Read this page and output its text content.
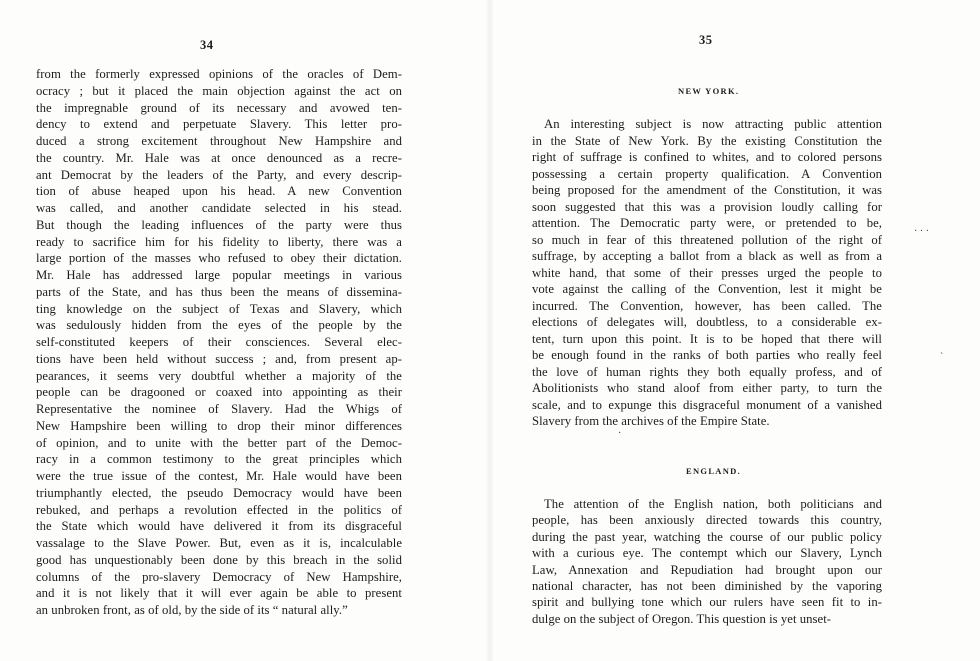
34
from the formerly expressed opinions of the oracles of Dem-
ocracy ; but it placed the main objection against the act on
the impregnable ground of its necessary and avowed ten-
dency to extend and perpetuate Slavery. This letter pro-
duced a strong excitement throughout New Hampshire and
the country. Mr. Hale was at once denounced as a recre-
ant Democrat by the leaders of the Party, and every descrip-
tion of abuse heaped upon his head. A new Convention
was called, and another candidate selected in his stead.
But though the leading influences of the party were thus
ready to sacrifice him for his fidelity to liberty, there was a
large portion of the masses who refused to obey their dictation.
Mr. Hale has addressed large popular meetings in various
parts of the State, and has thus been the means of dissemina-
ting knowledge on the subject of Texas and Slavery, which
was sedulously hidden from the eyes of the people by the
self-constituted keepers of their consciences. Several elec-
tions have been held without success ; and, from present ap-
pearances, it seems very doubtful whether a majority of the
people can be dragooned or coaxed into appointing as their
Representative the nominee of Slavery. Had the Whigs of
New Hampshire been willing to drop their minor differences
of opinion, and to unite with the better part of the Democ-
racy in a common testimony to the great principles which
were the true issue of the contest, Mr. Hale would have been
triumphantly elected, the pseudo Democracy would have been
rebuked, and perhaps a revolution effected in the politics of
the State which would have delivered it from its disgraceful
vassalage to the Slave Power. But, even as it is, incalculable
good has unquestionably been done by this breach in the solid
columns of the pro-slavery Democracy of New Hampshire,
and it is not likely that it will ever again be able to present
an unbroken front, as of old, by the side of its “ natural ally.”
35
NEW YORK.
An interesting subject is now attracting public attention
in the State of New York. By the existing Constitution the
right of suffrage is confined to whites, and to colored persons
possessing a certain property qualification. A Convention
being proposed for the amendment of the Constitution, it was
soon suggested that this was a provision loudly calling for
attention. The Democratic party were, or pretended to be,
so much in fear of this threatened pollution of the right of
suffrage, by accepting a ballot from a black as well as from a
white hand, that some of their presses urged the people to
vote against the calling of the Convention, lest it might be
incurred. The Convention, however, has been called. The
elections of delegates will, doubtless, to a considerable ex-
tent, turn upon this point. It is to be hoped that there will
be enough found in the ranks of both parties who really feel
the love of human rights they both equally profess, and of
Abolitionists who stand aloof from either party, to turn the
scale, and to expunge this disgraceful monument of a vanished
Slavery from the archives of the Empire State.
ENGLAND.
The attention of the English nation, both politicians and
people, has been anxiously directed towards this country,
during the past year, watching the course of our public policy
with a curious eye. The contempt which our Slavery, Lynch
Law, Annexation and Repudiation had brought upon our
national character, has not been diminished by the vaporing
spirit and bullying tone which our rulers have seen fit to in-
dulge on the subject of Oregon. This question is yet unset-
· · ·
`
·
